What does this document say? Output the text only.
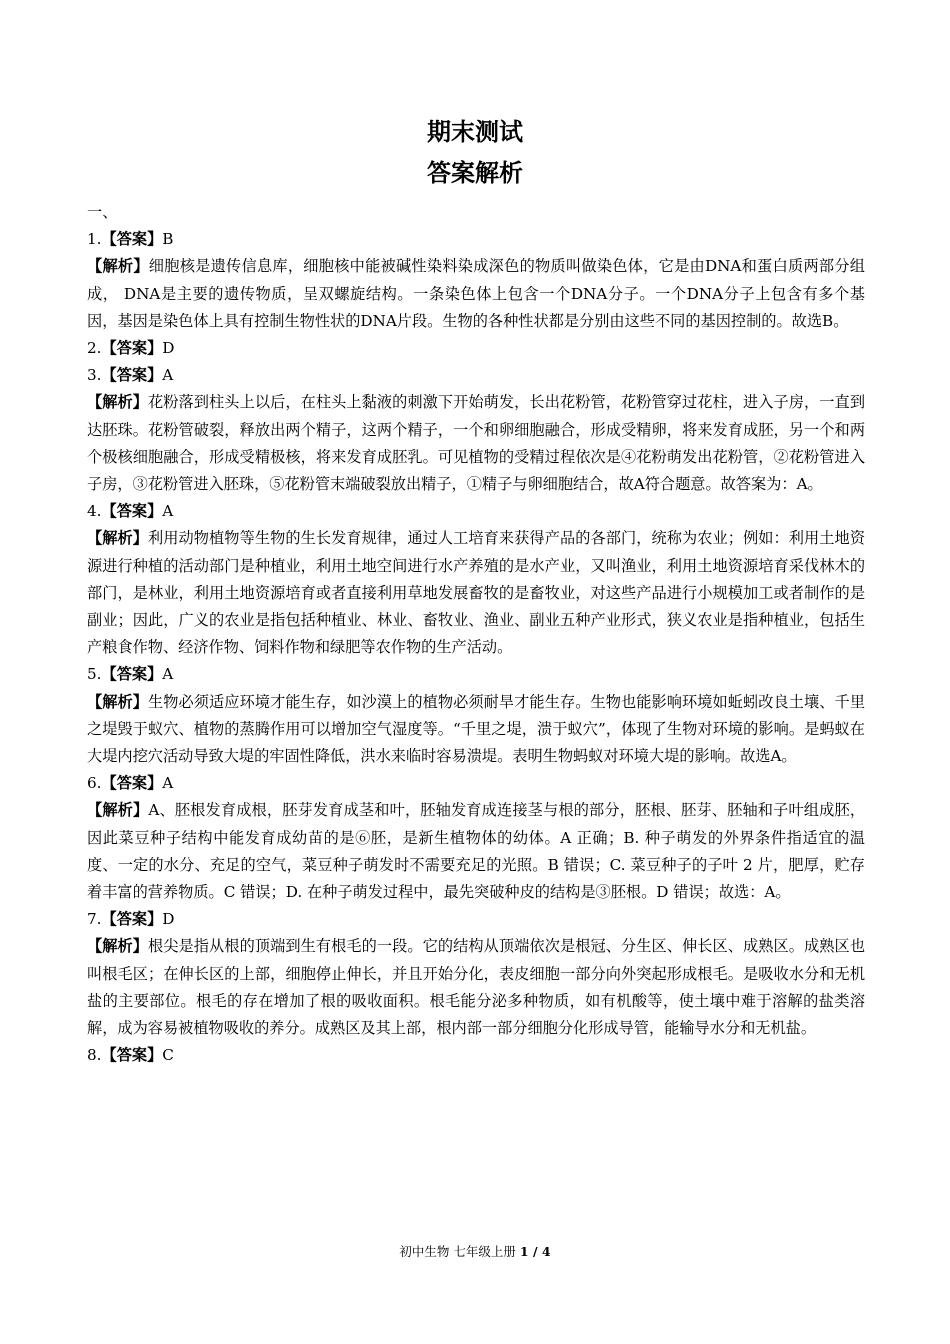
期末测试
答案解析
一、
1.【答案】B
【解析】细胞核是遗传信息库，细胞核中能被碱性染料染成深色的物质叫做染色体，它是由DNA和蛋白质两部分组成， DNA是主要的遗传物质，呈双螺旋结构。一条染色体上包含一个DNA分子。一个DNA分子上包含有多个基因，基因是染色体上具有控制生物性状的DNA片段。生物的各种性状都是分别由这些不同的基因控制的。故选B。
2.【答案】D
3.【答案】A
【解析】花粉落到柱头上以后，在柱头上黏液的刺激下开始萌发，长出花粉管，花粉管穿过花柱，进入子房，一直到达胚珠。花粉管破裂，释放出两个精子，这两个精子，一个和卵细胞融合，形成受精卵，将来发育成胚，另一个和两个极核细胞融合，形成受精极核，将来发育成胚乳。可见植物的受精过程依次是④花粉萌发出花粉管，②花粉管进入子房，③花粉管进入胚珠，⑤花粉管末端破裂放出精子，①精子与卵细胞结合，故A符合题意。故答案为：A。
4.【答案】A
【解析】利用动物植物等生物的生长发育规律，通过人工培育来获得产品的各部门，统称为农业；例如：利用土地资源进行种植的活动部门是种植业，利用土地空间进行水产养殖的是水产业，又叫渔业，利用土地资源培育采伐林木的部门，是林业，利用土地资源培育或者直接利用草地发展畜牧的是畜牧业，对这些产品进行小规模加工或者制作的是副业；因此，广义的农业是指包括种植业、林业、畜牧业、渔业、副业五种产业形式，狭义农业是指种植业，包括生产粮食作物、经济作物、饲料作物和绿肥等农作物的生产活动。
5.【答案】A
【解析】生物必须适应环境才能生存，如沙漠上的植物必须耐旱才能生存。生物也能影响环境如蚯蚓改良土壤、千里之堤毁于蚁穴、植物的蒸腾作用可以增加空气湿度等。“千里之堤，溃于蚁穴”，体现了生物对环境的影响。是蚂蚁在大堤内挖穴活动导致大堤的牢固性降低，洪水来临时容易溃堤。表明生物蚂蚁对环境大堤的影响。故选A。
6.【答案】A
【解析】A、胚根发育成根，胚芽发育成茎和叶，胚轴发育成连接茎与根的部分，胚根、胚芽、胚轴和子叶组成胚，因此菜豆种子结构中能发育成幼苗的是⑥胚，是新生植物体的幼体。A 正确；B. 种子萌发的外界条件指适宜的温度、一定的水分、充足的空气，菜豆种子萌发时不需要充足的光照。B 错误；C. 菜豆种子的子叶 2 片，肥厚，贮存着丰富的营养物质。C 错误；D. 在种子萌发过程中，最先突破种皮的结构是③胚根。D 错误；故选：A。
7.【答案】D
【解析】根尖是指从根的顶端到生有根毛的一段。它的结构从顶端依次是根冠、分生区、伸长区、成熟区。成熟区也叫根毛区；在伸长区的上部，细胞停止伸长，并且开始分化，表皮细胞一部分向外突起形成根毛。是吸收水分和无机盐的主要部位。根毛的存在增加了根的吸收面积。根毛能分泌多种物质，如有机酸等，使土壤中难于溶解的盐类溶解，成为容易被植物吸收的养分。成熟区及其上部，根内部一部分细胞分化形成导管，能输导水分和无机盐。
8.【答案】C
初中生物 七年级上册 1 / 4
